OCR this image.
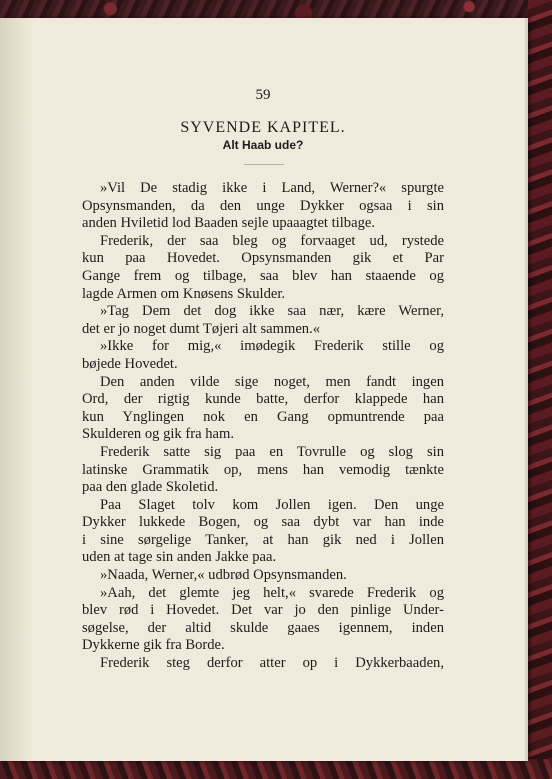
59
SYVENDE KAPITEL.
Alt Haab ude?
»Vil De stadig ikke i Land, Werner?« spurgte
Opsynsmanden, da den unge Dykker ogsaa i sin
anden Hviletid lod Baaden sejle upaaagtet tilbage.
Frederik, der saa bleg og forvaaget ud, rystede
kun paa Hovedet. Opsynsmanden gik et Par
Gange frem og tilbage, saa blev han staaende og
lagde Armen om Knøsens Skulder.
»Tag Dem det dog ikke saa nær, kære Werner,
det er jo noget dumt Tøjeri alt sammen.«
»Ikke for mig,« imødegik Frederik stille og
bøjede Hovedet.
Den anden vilde sige noget, men fandt ingen
Ord, der rigtig kunde batte, derfor klappede han
kun Ynglingen nok en Gang opmuntrende paa
Skulderen og gik fra ham.
Frederik satte sig paa en Tovrulle og slog sin
latinske Grammatik op, mens han vemodig tænkte
paa den glade Skoletid.
Paa Slaget tolv kom Jollen igen. Den unge
Dykker lukkede Bogen, og saa dybt var han inde
i sine sørgelige Tanker, at han gik ned i Jollen
uden at tage sin anden Jakke paa.
»Naada, Werner,« udbrød Opsynsmanden.
»Aah, det glemte jeg helt,« svarede Frederik og
blev rød i Hovedet. Det var jo den pinlige Under-
søgelse, der altid skulde gaaes igennem, inden
Dykkerne gik fra Borde.
Frederik steg derfor atter op i Dykkerbaaden,
